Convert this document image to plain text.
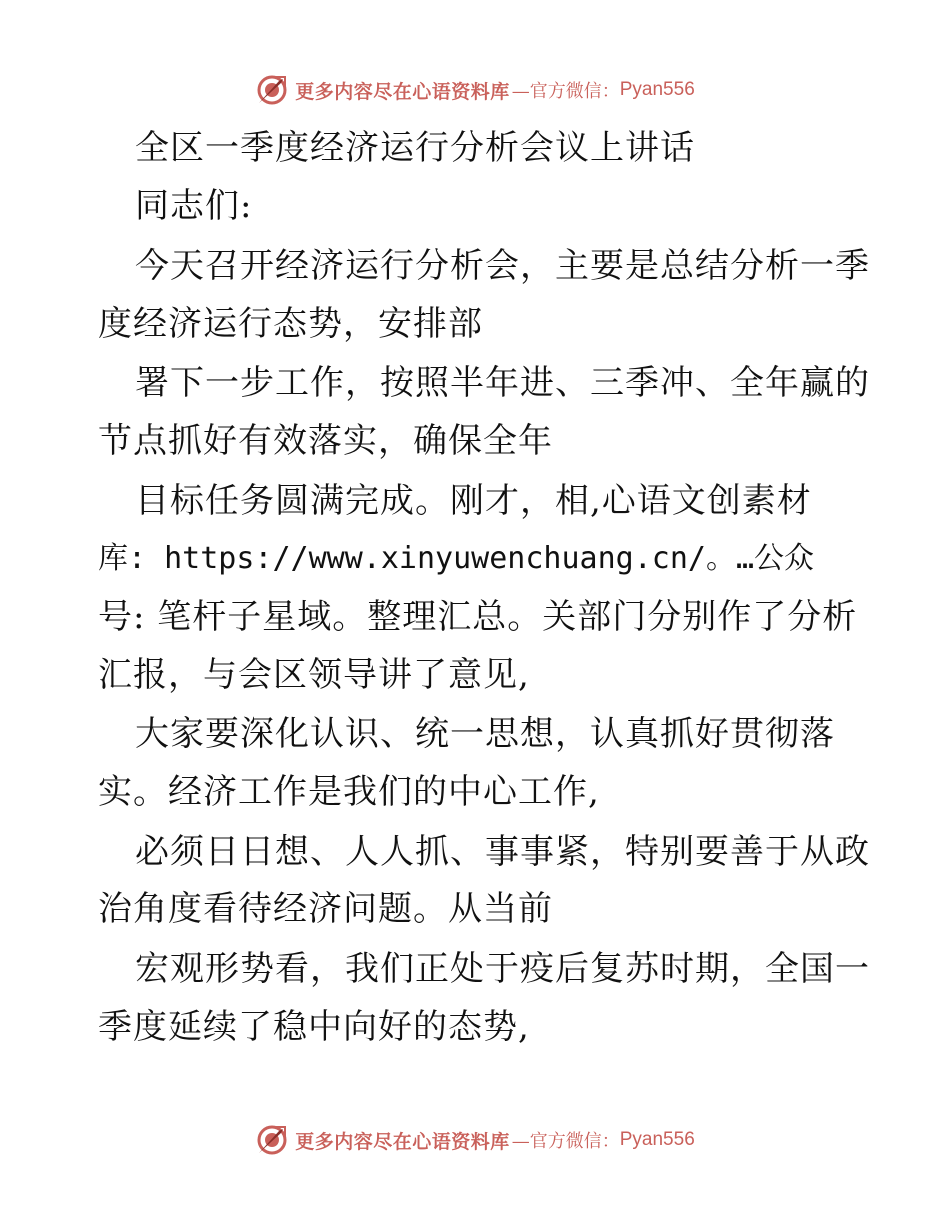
更多内容尽在心语资料库 —官方微信： Pyan556
全区一季度经济运行分析会议上讲话
同志们:
今天召开经济运行分析会，主要是总结分析一季
度经济运行态势，安排部
署下一步工作，按照半年进、三季冲、全年赢的
节点抓好有效落实，确保全年
目标任务圆满完成。刚才，相,心语文创素材
库: https://www.xinyuwenchuang.cn/。…公众
号: 笔杆子星域。整理汇总。关部门分别作了分析
汇报，与会区领导讲了意见,
大家要深化认识、统一思想，认真抓好贯彻落
实。经济工作是我们的中心工作,
必须日日想、人人抓、事事紧，特别要善于从政
治角度看待经济问题。从当前
宏观形势看，我们正处于疫后复苏时期，全国一
季度延续了稳中向好的态势,
更多内容尽在心语资料库 —官方微信： Pyan556
